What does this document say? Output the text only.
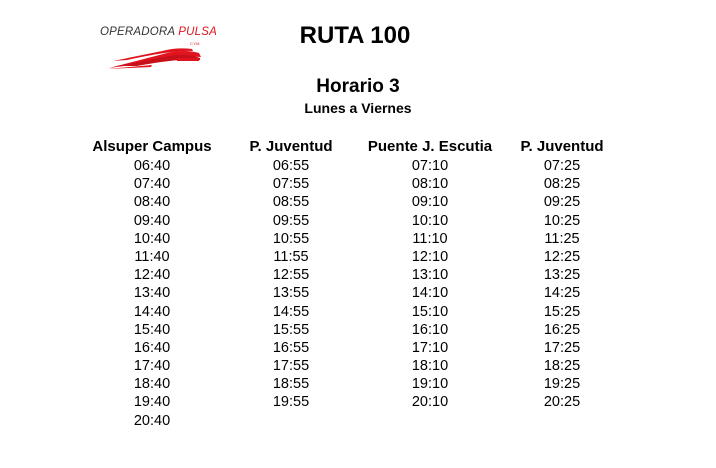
OPERADORA PULSA
CYM	RUTA 100
Horario 3
Lunes a Viernes
Alsuper Campus
06:40
07:40
08:40
09:40
10:40
11:40
12:40
13:40
14:40
15:40
16:40
17:40
18:40
19:40
20:40
P. Juventud
06:55
07:55
08:55
09:55
10:55
11:55
12:55
13:55
14:55
15:55
16:55
17:55
18:55
19:55
Puente J. Escutia
07:10
08:10
09:10
10:10
11:10
12:10
13:10
14:10
15:10
16:10
17:10
18:10
19:10
20:10
P. Juventud
07:25
08:25
09:25
10:25
11:25
12:25
13:25
14:25
15:25
16:25
17:25
18:25
19:25
20:25
